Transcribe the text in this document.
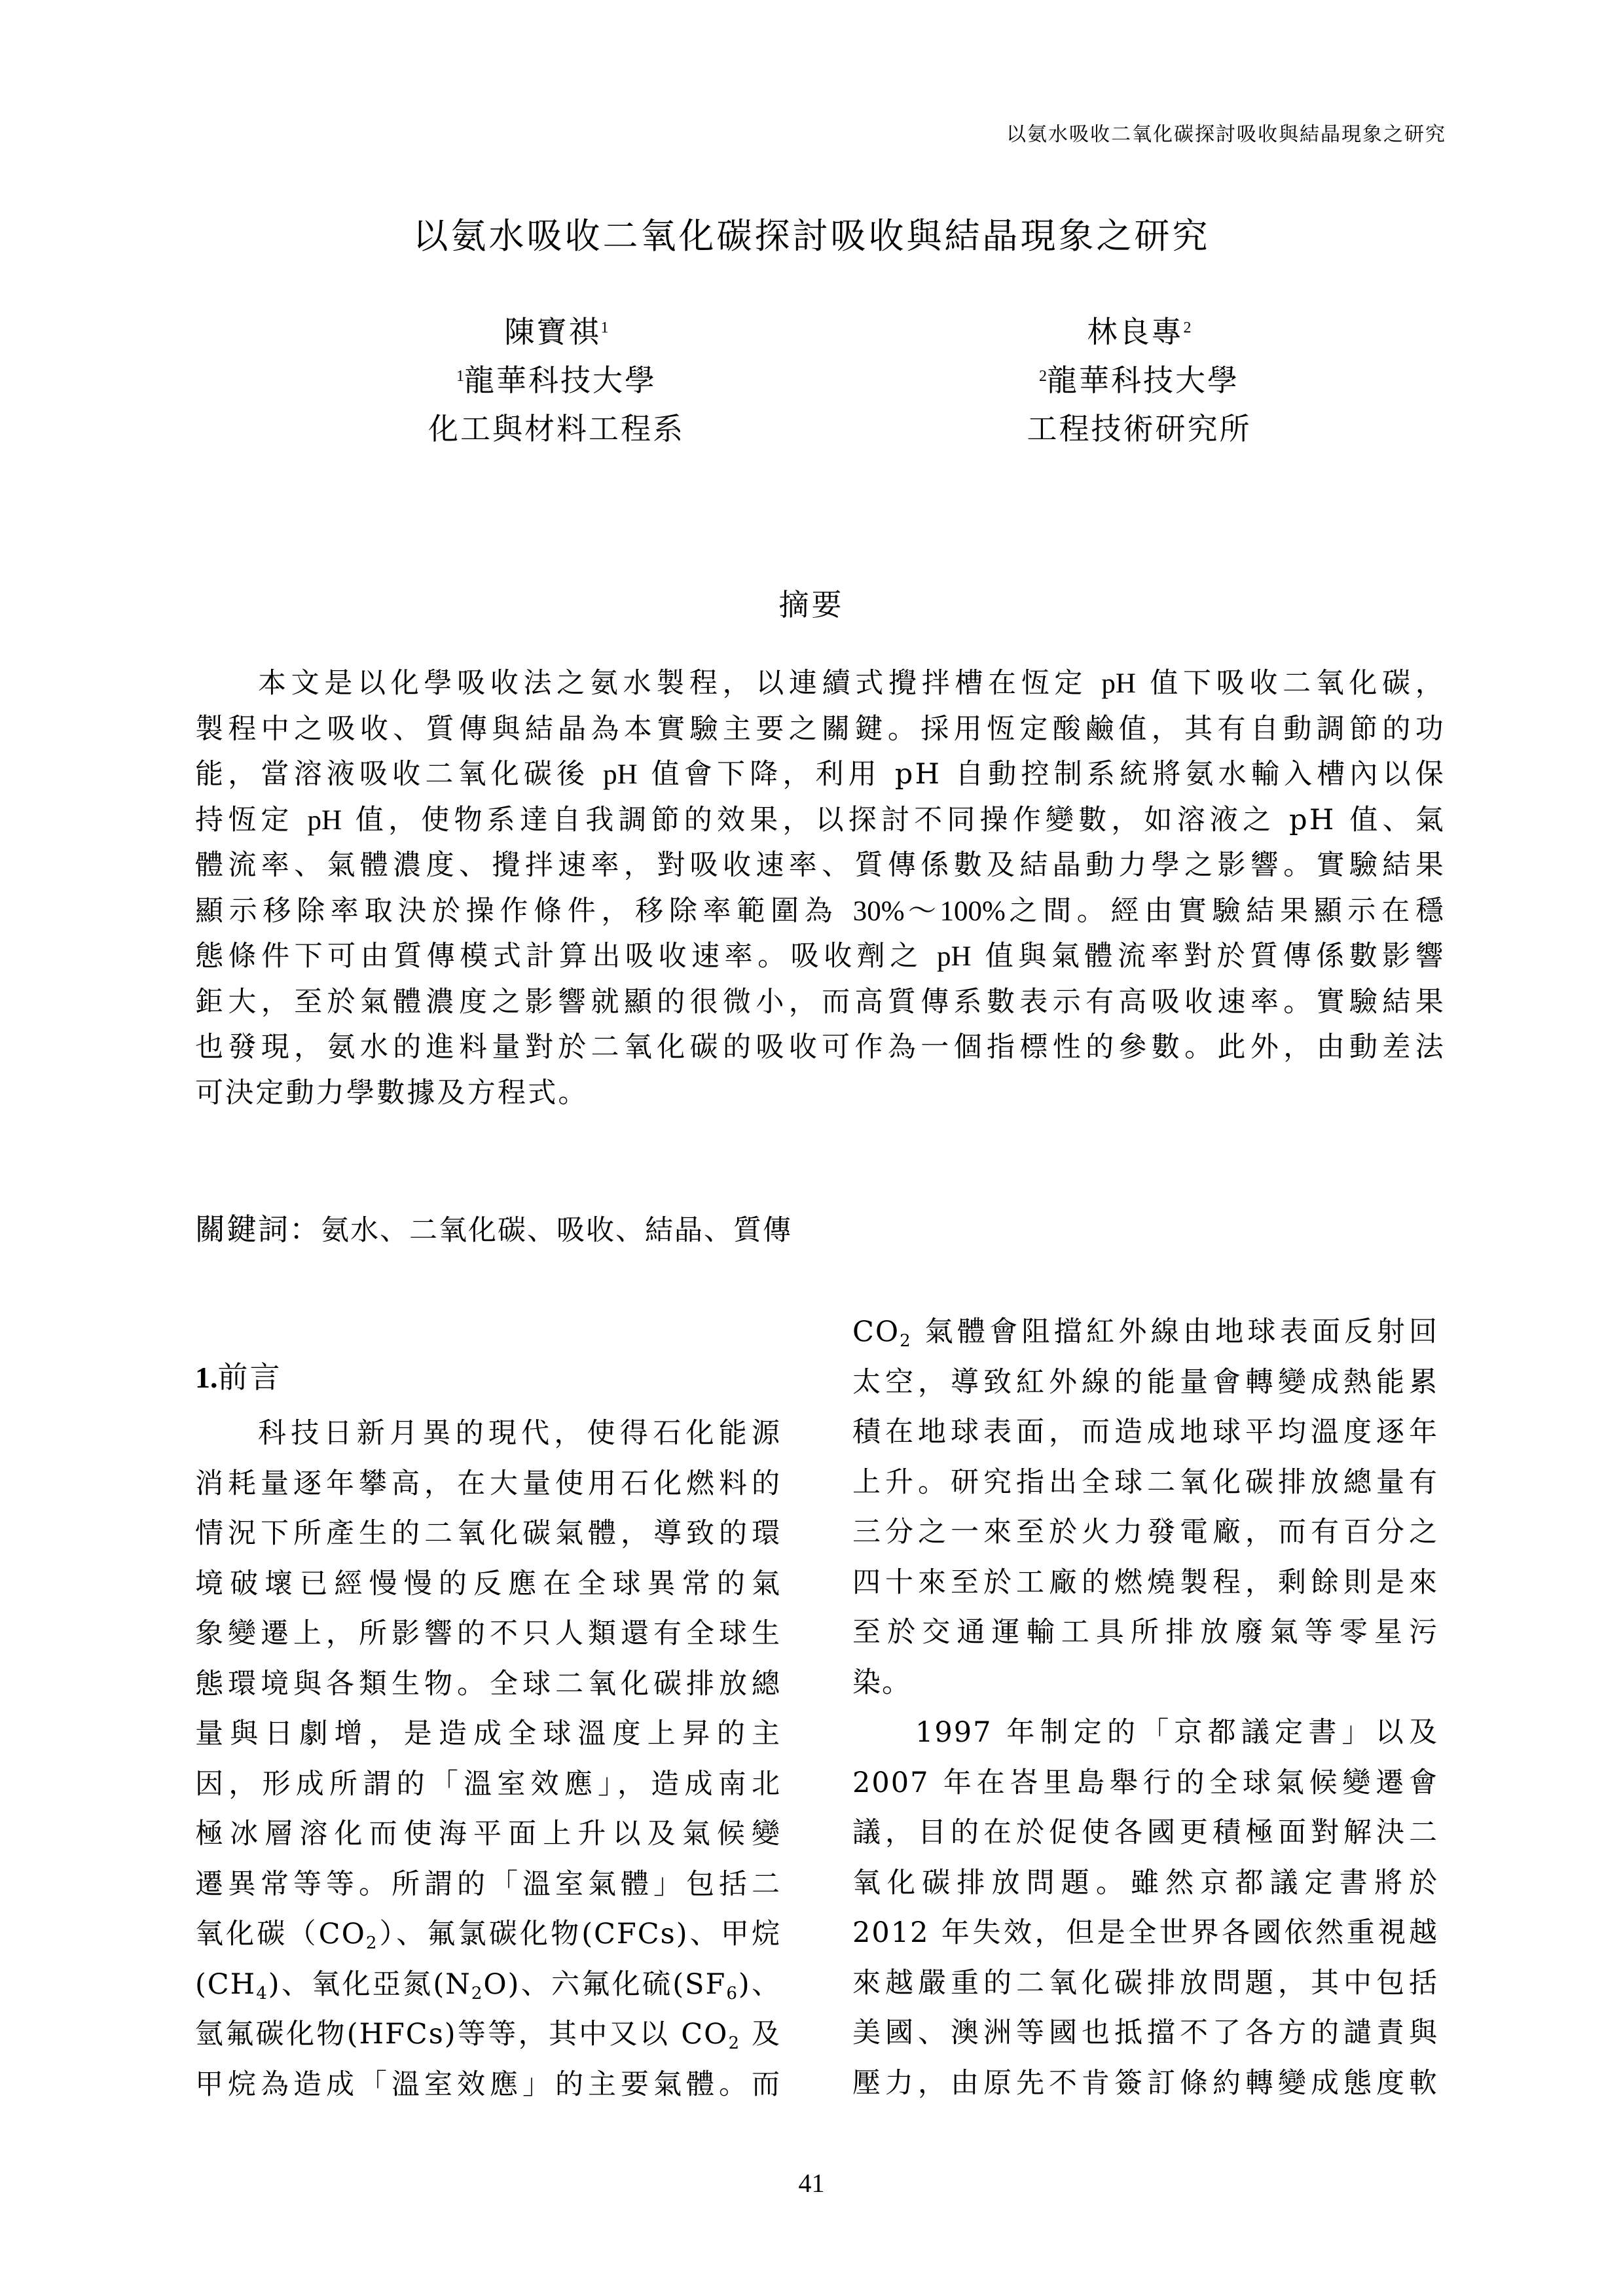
以氨水吸收二氧化碳探討吸收與結晶現象之研究
以氨水吸收二氧化碳探討吸收與結晶現象之研究
陳寶祺$^1$
$^1$龍華科技大學
化工與材料工程系
林良專$^2$
$^2$龍華科技大學
工程技術研究所
摘要
本文是以化學吸收法之氨水製程，以連續式攪拌槽在恆定 pH 值下吸收二氧化碳，
製程中之吸收、質傳與結晶為本實驗主要之關鍵。採用恆定酸鹼值，其有自動調節的功
能，當溶液吸收二氧化碳後 pH 值會下降，利用 pH 自動控制系統將氨水輸入槽內以保
持恆定 pH 值，使物系達自我調節的效果，以探討不同操作變數，如溶液之 pH 值、氣
體流率、氣體濃度、攪拌速率，對吸收速率、質傳係數及結晶動力學之影響。實驗結果
顯示移除率取決於操作條件，移除率範圍為 30%～100%之間。經由實驗結果顯示在穩
態條件下可由質傳模式計算出吸收速率。吸收劑之 pH 值與氣體流率對於質傳係數影響
鉅大，至於氣體濃度之影響就顯的很微小，而高質傳系數表示有高吸收速率。實驗結果
也發現，氨水的進料量對於二氧化碳的吸收可作為一個指標性的參數。此外，由動差法
可決定動力學數據及方程式。
關鍵詞：氨水、二氧化碳、吸收、結晶、質傳
1.前言
科技日新月異的現代，使得石化能源
消耗量逐年攀高，在大量使用石化燃料的
情況下所產生的二氧化碳氣體，導致的環
境破壞已經慢慢的反應在全球異常的氣
象變遷上，所影響的不只人類還有全球生
態環境與各類生物。全球二氧化碳排放總
量與日劇增，是造成全球溫度上昇的主
因，形成所謂的「溫室效應」，造成南北
極冰層溶化而使海平面上升以及氣候變
遷異常等等。所謂的「溫室氣體」包括二
氧化碳$(CO_2)$、氟氯碳化物(CFCs)、甲烷
$(CH_4)$、氧化亞氮$(N_2O)$、六氟化硫$(SF_6)$、
氫氟碳化物(HFCs)等等，其中又以 $CO_2$ 及
甲烷為造成「溫室效應」的主要氣體。而
$CO_2$ 氣體會阻擋紅外線由地球表面反射回
太空，導致紅外線的能量會轉變成熱能累
積在地球表面，而造成地球平均溫度逐年
上升。研究指出全球二氧化碳排放總量有
三分之一來至於火力發電廠，而有百分之
四十來至於工廠的燃燒製程，剩餘則是來
至於交通運輸工具所排放廢氣等零星污
染。
1997 年制定的「京都議定書」以及
2007 年在峇里島舉行的全球氣候變遷會
議，目的在於促使各國更積極面對解決二
氧化碳排放問題。雖然京都議定書將於
2012 年失效，但是全世界各國依然重視越
來越嚴重的二氧化碳排放問題，其中包括
美國、澳洲等國也抵擋不了各方的譴責與
壓力，由原先不肯簽訂條約轉變成態度軟
41
